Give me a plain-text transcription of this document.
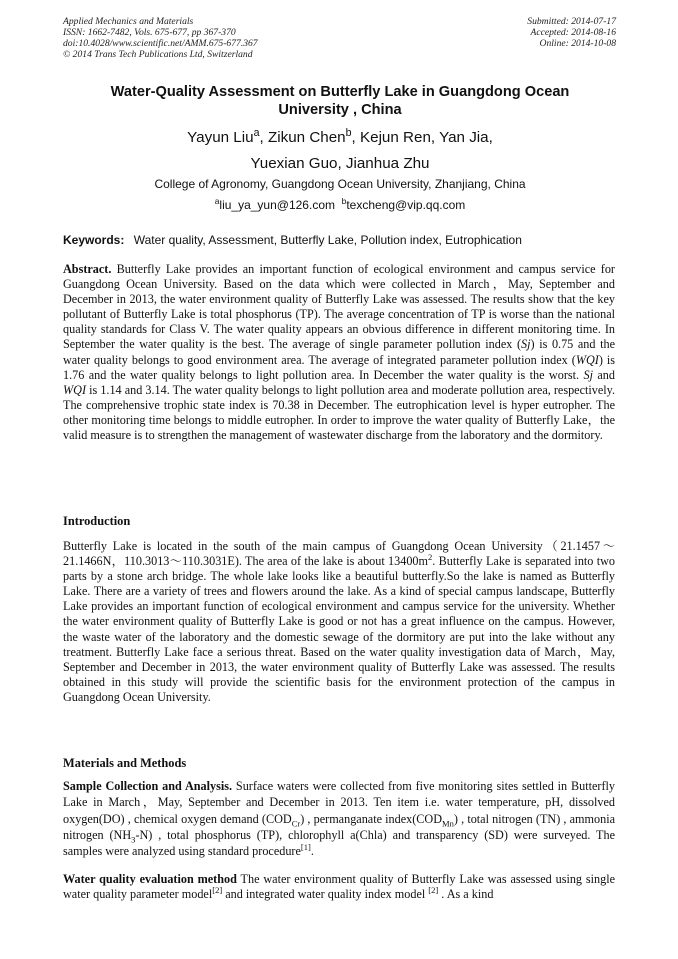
Applied Mechanics and Materials
ISSN: 1662-7482, Vols. 675-677, pp 367-370
doi:10.4028/www.scientific.net/AMM.675-677.367
© 2014 Trans Tech Publications Ltd, Switzerland
Submitted: 2014-07-17
Accepted: 2014-08-16
Online: 2014-10-08
Water-Quality Assessment on Butterfly Lake in Guangdong Ocean
University , China
Yayun Liu$^a$, Zikun Chen$^b$, Kejun Ren, Yan Jia,
Yuexian Guo, Jianhua Zhu
College of Agronomy, Guangdong Ocean University, Zhanjiang, China
$^a$liu_ya_yun@126.com $^b$texcheng@vip.qq.com
Keywords: Water quality, Assessment, Butterfly Lake, Pollution index, Eutrophication
Abstract. Butterfly Lake provides an important function of ecological environment and campus service for Guangdong Ocean University. Based on the data which were collected in March，May, September and December in 2013, the water environment quality of Butterfly Lake was assessed. The results show that the key pollutant of Butterfly Lake is total phosphorus (TP). The average concentration of TP is worse than the national quality standards for Class V. The water quality appears an obvious difference in different monitoring time. In September the water quality is the best. The average of single parameter pollution index (Sj) is 0.75 and the water quality belongs to good environment area. The average of integrated parameter pollution index (WQI) is 1.76 and the water quality belongs to light pollution area. In December the water quality is the worst. Sj and WQI is 1.14 and 3.14. The water quality belongs to light pollution area and moderate pollution area, respectively. The comprehensive trophic state index is 70.38 in December. The eutrophication level is hyper eutropher. The other monitoring time belongs to middle eutropher. In order to improve the water quality of Butterfly Lake，the valid measure is to strengthen the management of wastewater discharge from the laboratory and the dormitory.
Introduction
Butterfly Lake is located in the south of the main campus of Guangdong Ocean University（21.1457～21.1466N，110.3013～110.3031E). The area of the lake is about $13400m^2$. Butterfly Lake is separated into two parts by a stone arch bridge. The whole lake looks like a beautiful butterfly.So the lake is named as Butterfly Lake. There are a variety of trees and flowers around the lake. As a kind of special campus landscape, Butterfly Lake provides an important function of ecological environment and campus service for the university. Whether the water environment quality of Butterfly Lake is good or not has a great influence on the campus. However, the waste water of the laboratory and the domestic sewage of the dormitory are put into the lake without any treatment. Butterfly Lake face a serious threat. Based on the water quality investigation data of March，May, September and December in 2013, the water environment quality of Butterfly Lake was assessed. The results obtained in this study will provide the scientific basis for the environment protection of the campus in Guangdong Ocean University.
Materials and Methods
Sample Collection and Analysis. Surface waters were collected from five monitoring sites settled in Butterfly Lake in March，May, September and December in 2013. Ten item i.e. water temperature, pH, dissolved oxygen(DO) , chemical oxygen demand $(COD_{Cr})$ , permanganate $index(COD_{Mn})$ , total nitrogen (TN) , ammonia nitrogen $(NH_3-N)$ , total phosphorus (TP), chlorophyll a(Chla) and transparency (SD) were surveyed. The samples were analyzed using standard procedure[1].
Water quality evaluation method The water environment quality of Butterfly Lake was assessed using single water quality parameter model[2] and integrated water quality index model [2] . As a kind
